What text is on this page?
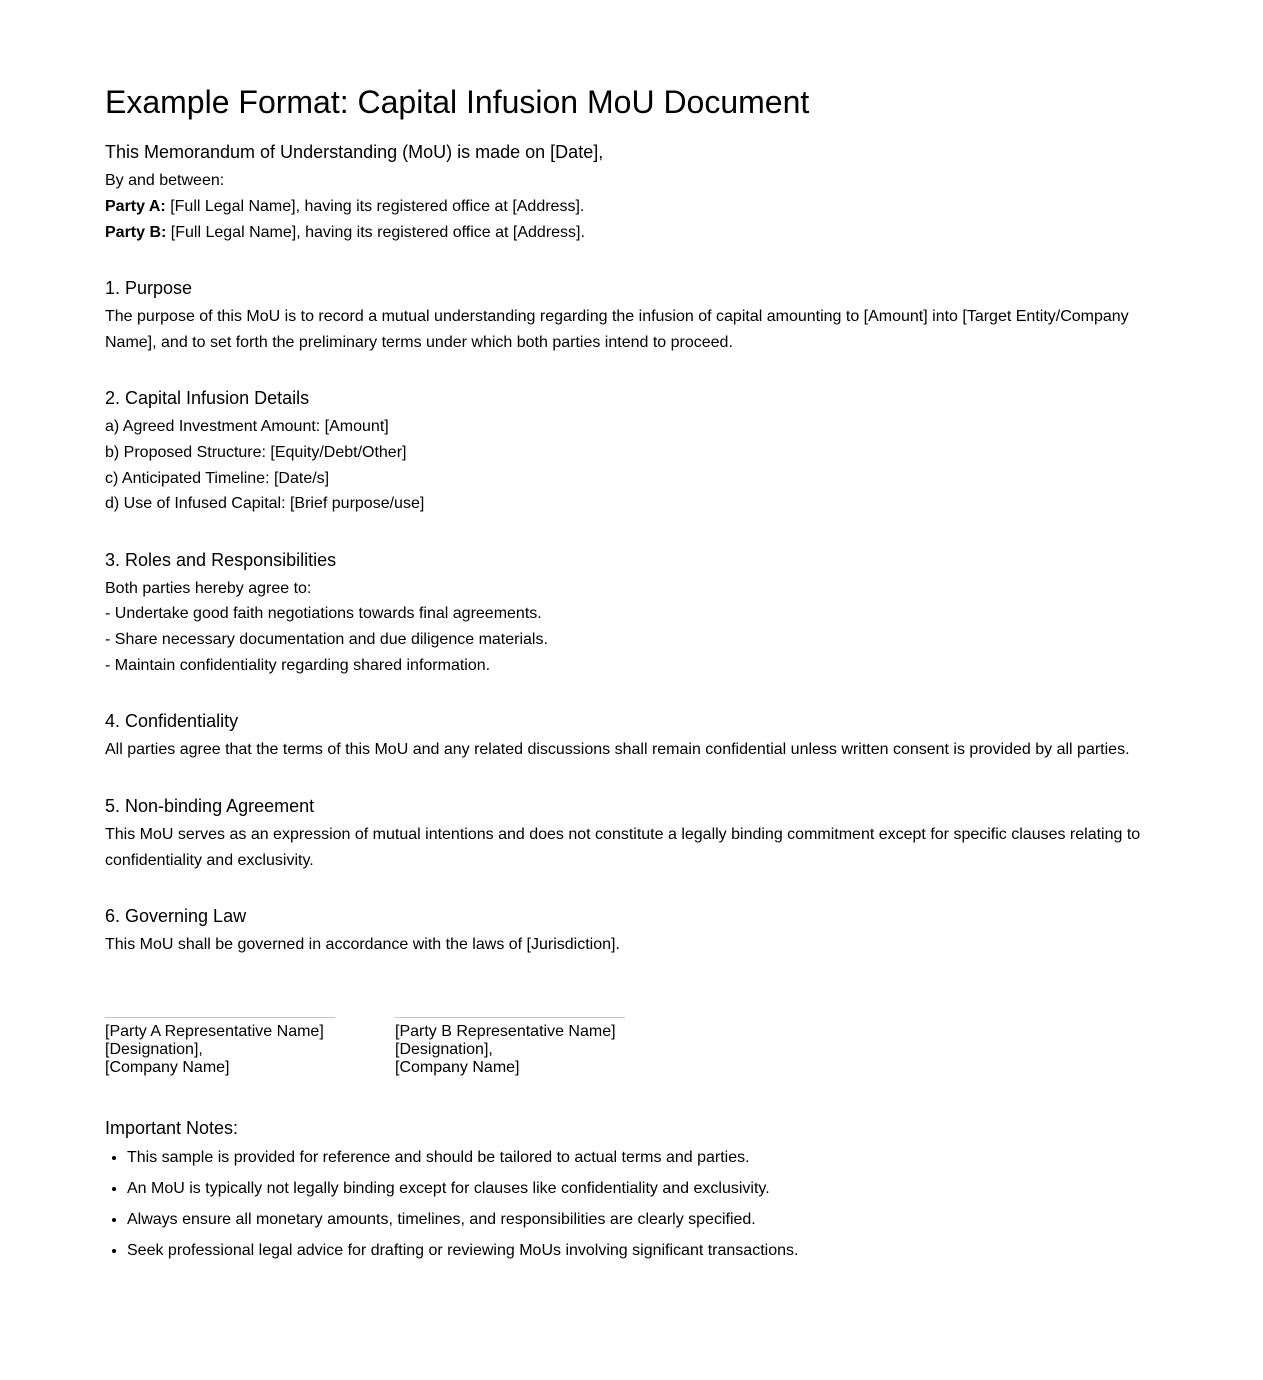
Example Format: Capital Infusion MoU Document

This Memorandum of Understanding (MoU) is made on [Date],

By and between:

Party A: [Full Legal Name], having its registered office at [Address].

Party B: [Full Legal Name], having its registered office at [Address].

1. Purpose

The purpose of this MoU is to record a mutual understanding regarding the infusion of capital amounting to [Amount] into [Target Entity/Company Name], and to set forth the preliminary terms under which both parties intend to proceed.

2. Capital Infusion Details

a) Agreed Investment Amount: [Amount]

b) Proposed Structure: [Equity/Debt/Other]

c) Anticipated Timeline: [Date/s]

d) Use of Infused Capital: [Brief purpose/use]

3. Roles and Responsibilities

Both parties hereby agree to:

- Undertake good faith negotiations towards final agreements.

- Share necessary documentation and due diligence materials.

- Maintain confidentiality regarding shared information.

4. Confidentiality

All parties agree that the terms of this MoU and any related discussions shall remain confidential unless written consent is provided by all parties.

5. Non-binding Agreement

This MoU serves as an expression of mutual intentions and does not constitute a legally binding commitment except for specific clauses relating to confidentiality and exclusivity.

6. Governing Law

This MoU shall be governed in accordance with the laws of [Jurisdiction].

[Party A Representative Name]
[Designation],
[Company Name]
[Party B Representative Name]
[Designation],
[Company Name]
Important Notes:
• This sample is provided for reference and should be tailored to actual terms and parties.
• An MoU is typically not legally binding except for clauses like confidentiality and exclusivity.
• Always ensure all monetary amounts, timelines, and responsibilities are clearly specified.
• Seek professional legal advice for drafting or reviewing MoUs involving significant transactions.
